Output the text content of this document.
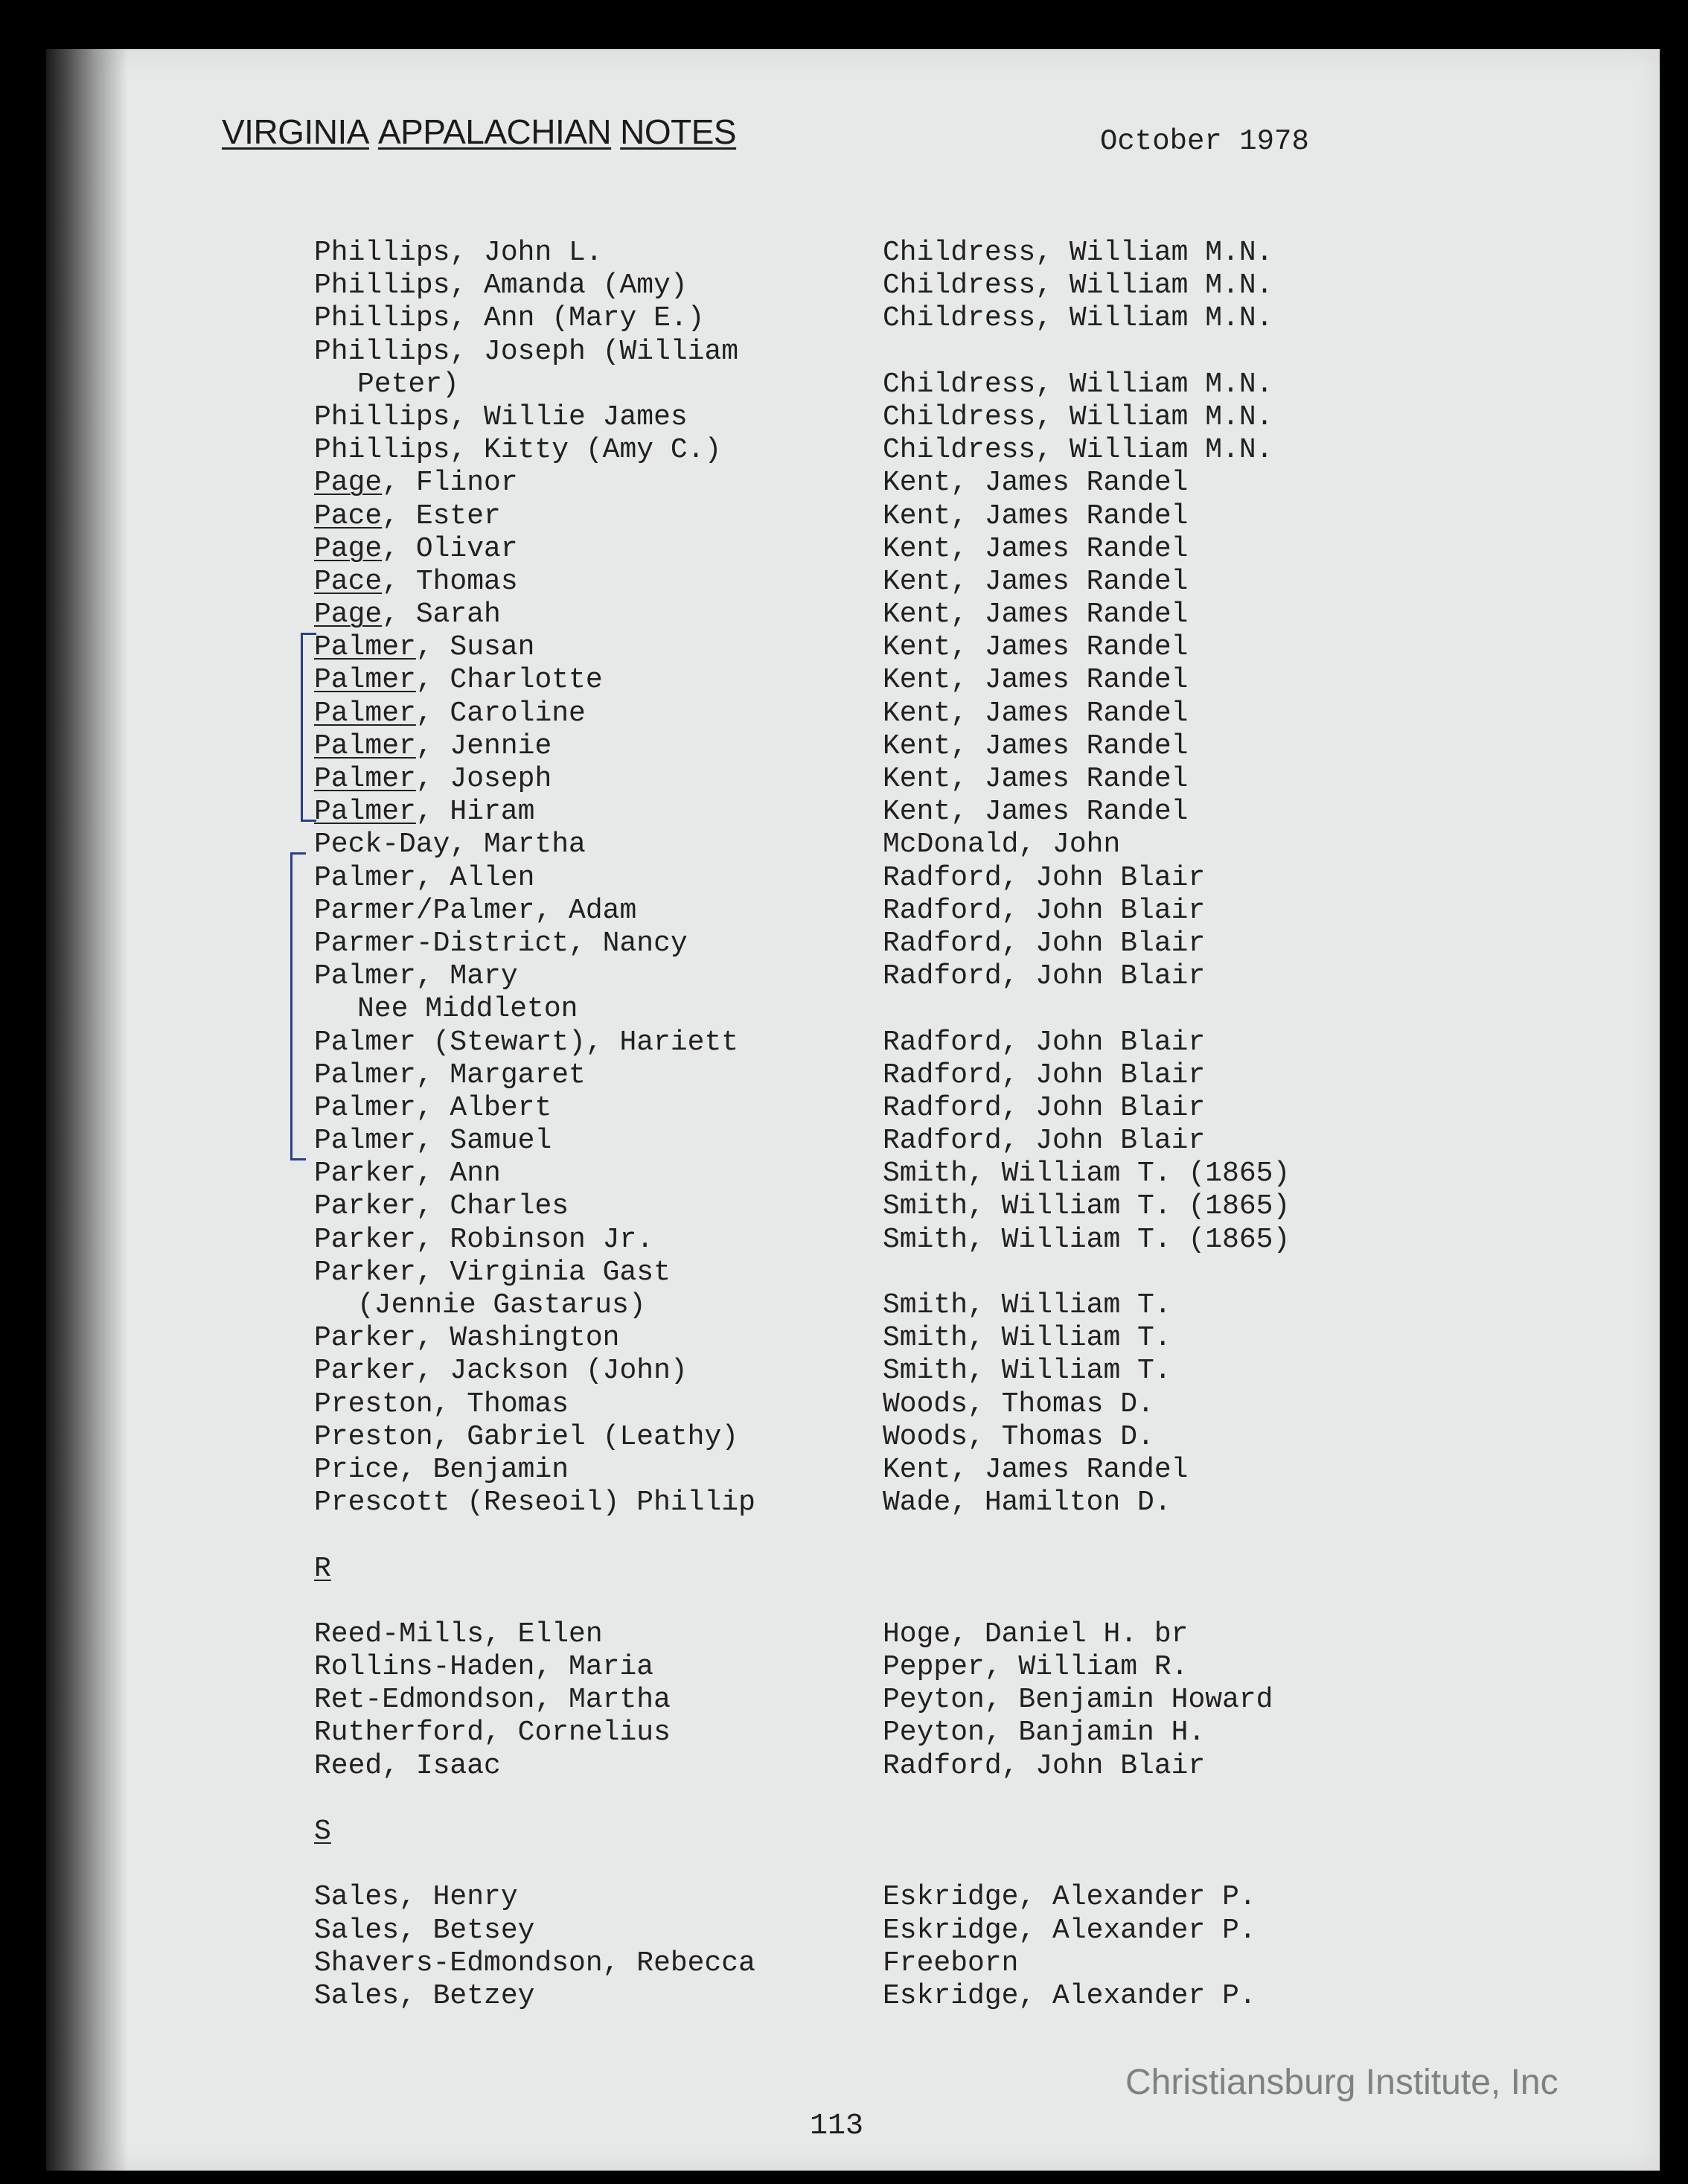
VIRGINIA APPALACHIAN NOTES	October 1978
Phillips, John L.	Childress, William M.N.
Phillips, Amanda (Amy)	Childress, William M.N.
Phillips, Ann (Mary E.)	Childress, William M.N.
Phillips, Joseph (William
Peter)	Childress, William M.N.
Phillips, Willie James	Childress, William M.N.
Phillips, Kitty (Amy C.)	Childress, William M.N.
Page, Flinor	Kent, James Randel
Pace, Ester	Kent, James Randel
Page, Olivar	Kent, James Randel
Pace, Thomas	Kent, James Randel
Page, Sarah	Kent, James Randel
Palmer, Susan	Kent, James Randel
Palmer, Charlotte	Kent, James Randel
Palmer, Caroline	Kent, James Randel
Palmer, Jennie	Kent, James Randel
Palmer, Joseph	Kent, James Randel
Palmer, Hiram	Kent, James Randel
Peck-Day, Martha	McDonald, John
Palmer, Allen	Radford, John Blair
Parmer/Palmer, Adam	Radford, John Blair
Parmer-District, Nancy	Radford, John Blair
Palmer, Mary	Radford, John Blair
Nee Middleton
Palmer (Stewart), Hariett	Radford, John Blair
Palmer, Margaret	Radford, John Blair
Palmer, Albert	Radford, John Blair
Palmer, Samuel	Radford, John Blair
Parker, Ann	Smith, William T. (1865)
Parker, Charles	Smith, William T. (1865)
Parker, Robinson Jr.	Smith, William T. (1865)
Parker, Virginia Gast
(Jennie Gastarus)	Smith, William T.
Parker, Washington	Smith, William T.
Parker, Jackson (John)	Smith, William T.
Preston, Thomas	Woods, Thomas D.
Preston, Gabriel (Leathy)	Woods, Thomas D.
Price, Benjamin	Kent, James Randel
Prescott (Reseoil) Phillip	Wade, Hamilton D.
R
Reed-Mills, Ellen	Hoge, Daniel H. br
Rollins-Haden, Maria	Pepper, William R.
Ret-Edmondson, Martha	Peyton, Benjamin Howard
Rutherford, Cornelius	Peyton, Banjamin H.
Reed, Isaac	Radford, John Blair
S
Sales, Henry	Eskridge, Alexander P.
Sales, Betsey	Eskridge, Alexander P.
Shavers-Edmondson, Rebecca	Freeborn
Sales, Betzey	Eskridge, Alexander P.
113
Christiansburg Institute, Inc
